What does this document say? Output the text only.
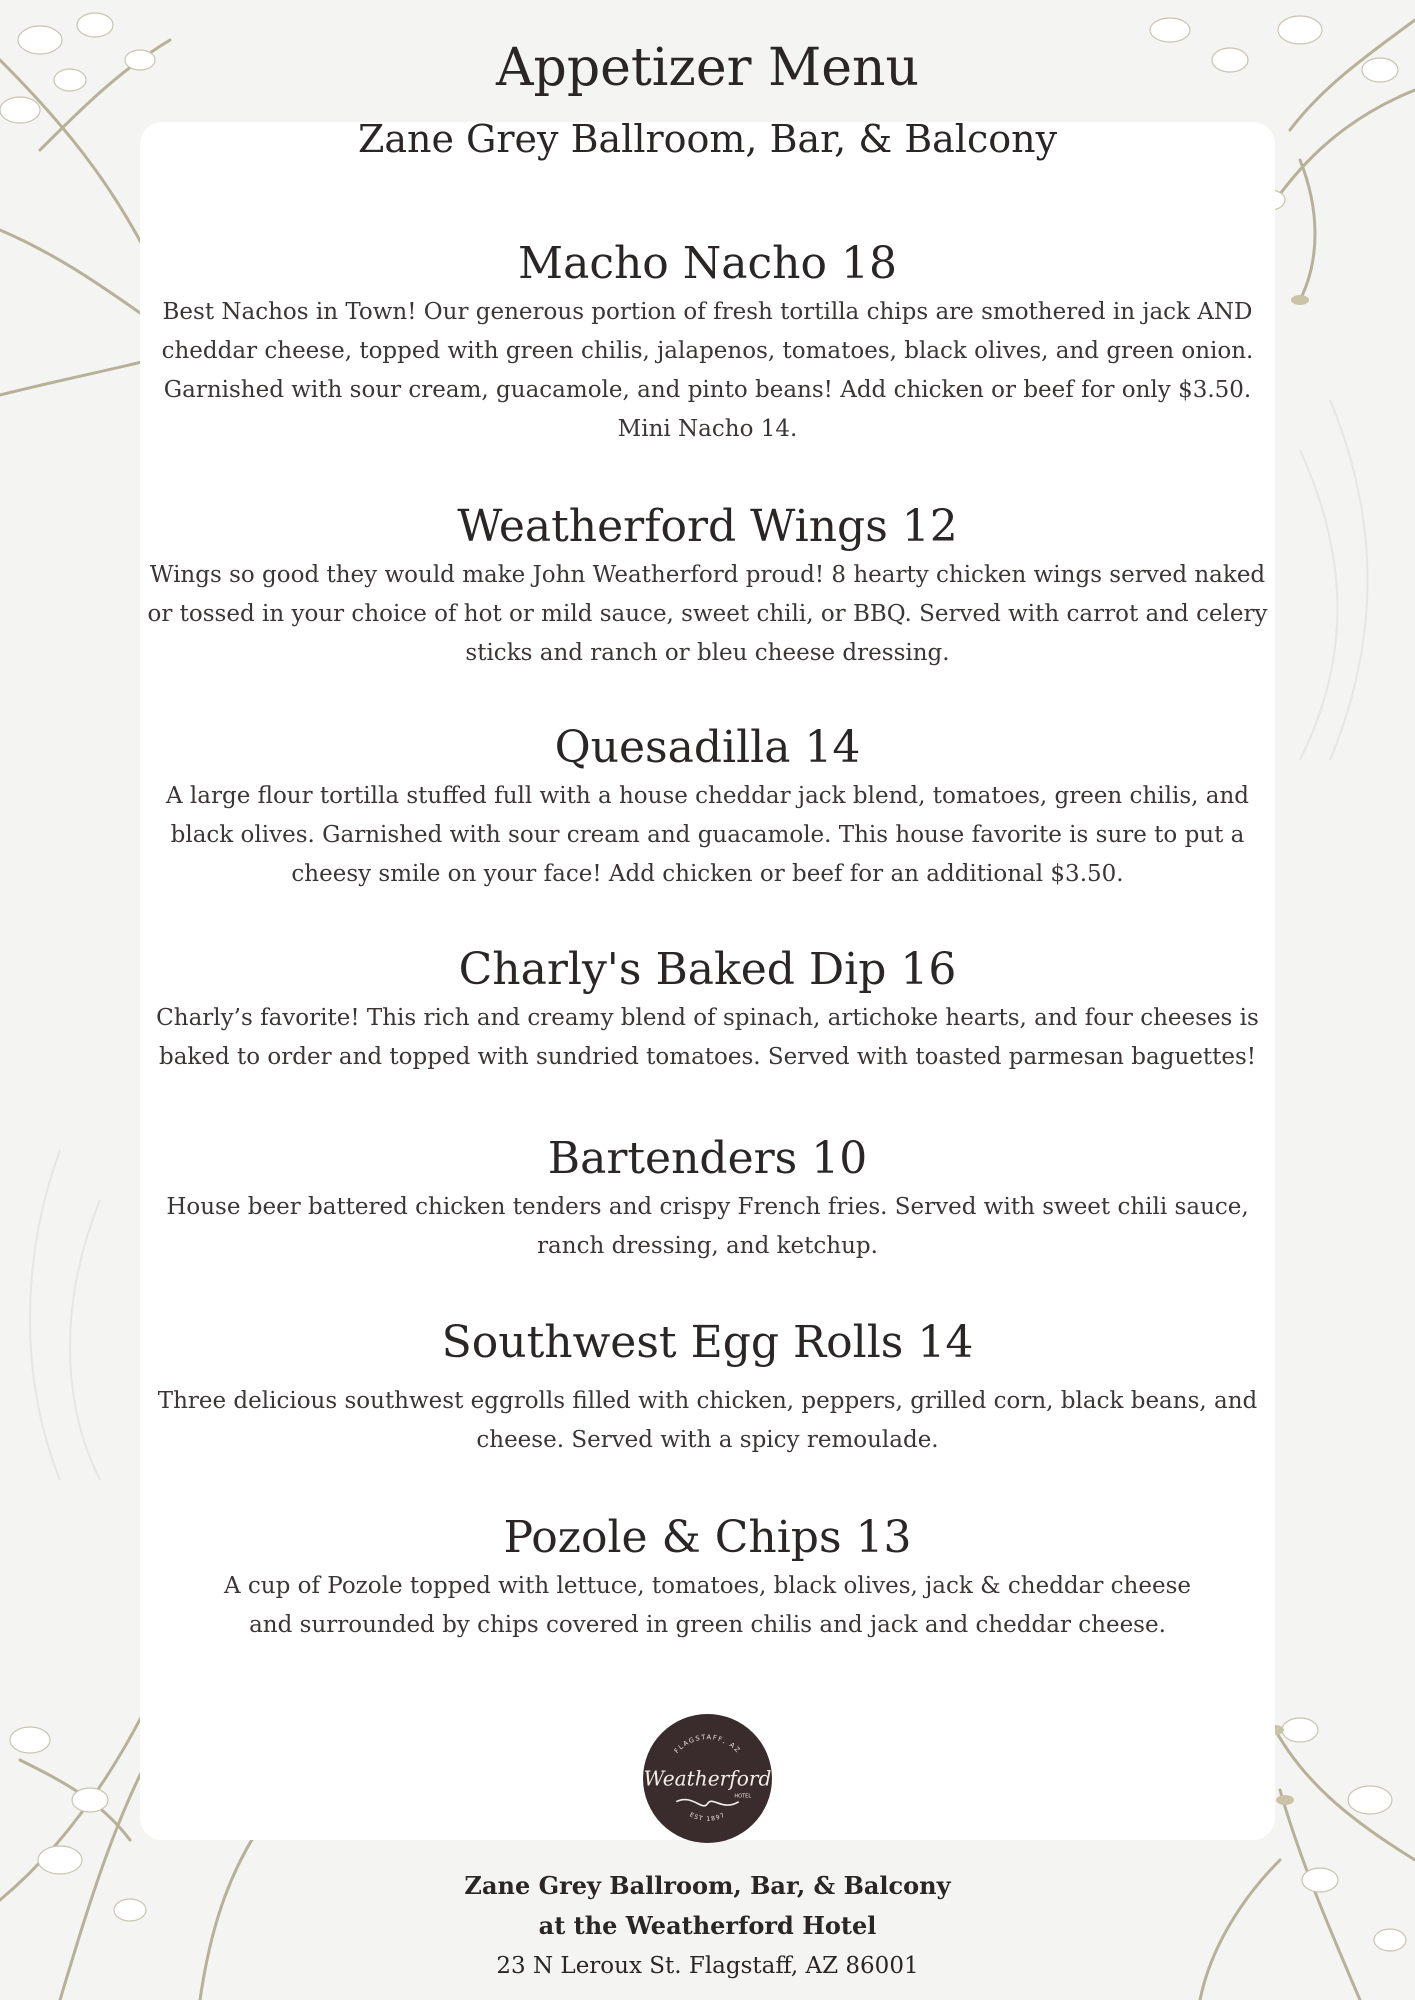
Appetizer Menu
Zane Grey Ballroom, Bar, & Balcony
Macho Nacho 18

Best Nachos in Town! Our generous portion of fresh tortilla chips are smothered in jack AND cheddar cheese, topped with green chilis, jalapenos, tomatoes, black olives, and green onion. Garnished with sour cream, guacamole, and pinto beans! Add chicken or beef for only $3.50. Mini Nacho 14.

Weatherford Wings 12

Wings so good they would make John Weatherford proud! 8 hearty chicken wings served naked or tossed in your choice of hot or mild sauce, sweet chili, or BBQ. Served with carrot and celery sticks and ranch or bleu cheese dressing.

Quesadilla 14

A large flour tortilla stuffed full with a house cheddar jack blend, tomatoes, green chilis, and black olives. Garnished with sour cream and guacamole. This house favorite is sure to put a cheesy smile on your face! Add chicken or beef for an additional $3.50.

Charly's Baked Dip 16

Charly’s favorite! This rich and creamy blend of spinach, artichoke hearts, and four cheeses is baked to order and topped with sundried tomatoes. Served with toasted parmesan baguettes!

Bartenders 10

House beer battered chicken tenders and crispy French fries. Served with sweet chili sauce, ranch dressing, and ketchup.

Southwest Egg Rolls 14

Three delicious southwest eggrolls filled with chicken, peppers, grilled corn, black beans, and cheese. Served with a spicy remoulade.

Pozole & Chips 13

A cup of Pozole topped with lettuce, tomatoes, black olives, jack & cheddar cheese and surrounded by chips covered in green chilis and jack and cheddar cheese.

FLAGSTAFF, AZ
Weatherford
HOTEL
EST 1897
Zane Grey Ballroom, Bar, & Balcony
at the Weatherford Hotel
23 N Leroux St. Flagstaff, AZ 86001
